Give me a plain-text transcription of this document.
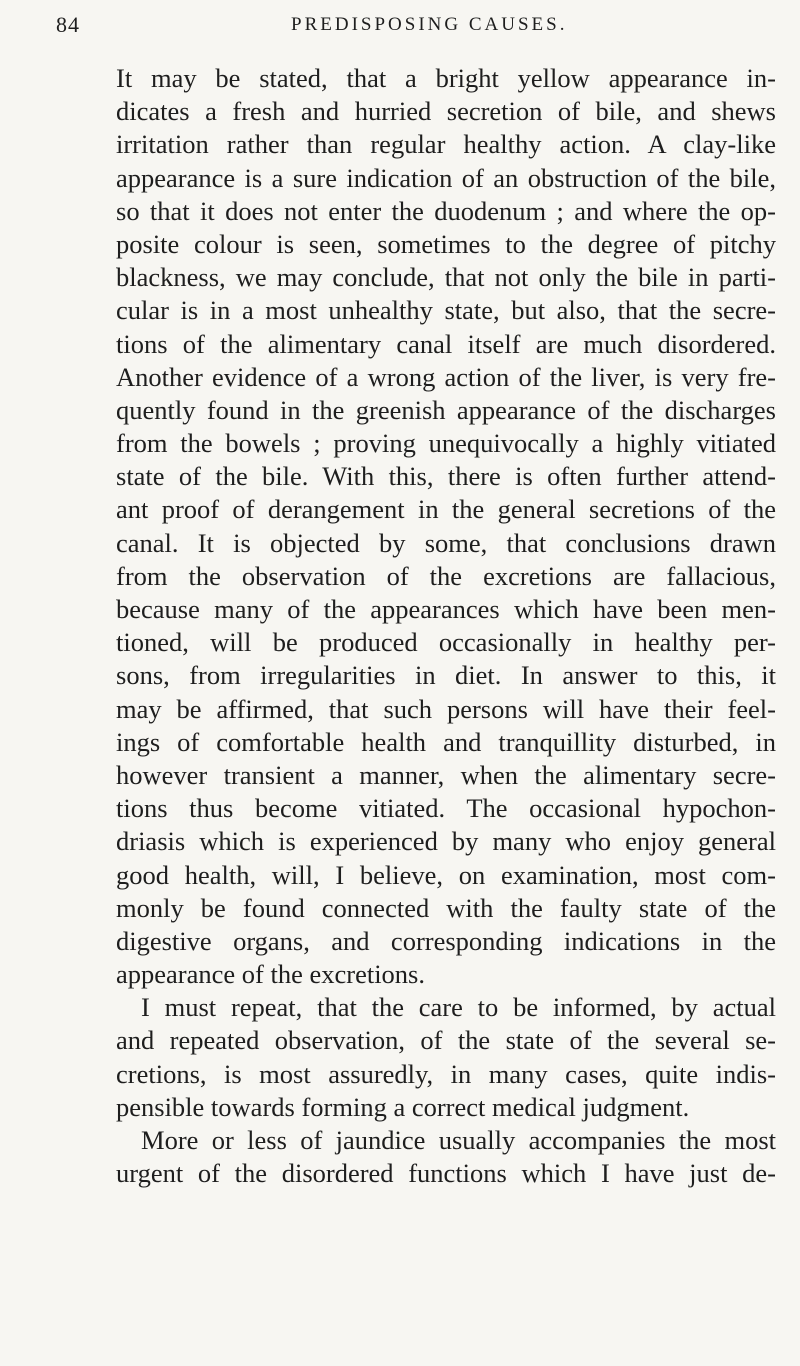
84	PREDISPOSING CAUSES.
It may be stated, that a bright yellow appearance in-
dicates a fresh and hurried secretion of bile, and shews
irritation rather than regular healthy action. A clay-like
appearance is a sure indication of an obstruction of the bile,
so that it does not enter the duodenum ; and where the op-
posite colour is seen, sometimes to the degree of pitchy
blackness, we may conclude, that not only the bile in parti-
cular is in a most unhealthy state, but also, that the secre-
tions of the alimentary canal itself are much disordered.
Another evidence of a wrong action of the liver, is very fre-
quently found in the greenish appearance of the discharges
from the bowels ; proving unequivocally a highly vitiated
state of the bile. With this, there is often further attend-
ant proof of derangement in the general secretions of the
canal. It is objected by some, that conclusions drawn
from the observation of the excretions are fallacious,
because many of the appearances which have been men-
tioned, will be produced occasionally in healthy per-
sons, from irregularities in diet. In answer to this, it
may be affirmed, that such persons will have their feel-
ings of comfortable health and tranquillity disturbed, in
however transient a manner, when the alimentary secre-
tions thus become vitiated. The occasional hypochon-
driasis which is experienced by many who enjoy general
good health, will, I believe, on examination, most com-
monly be found connected with the faulty state of the
digestive organs, and corresponding indications in the
appearance of the excretions.
I must repeat, that the care to be informed, by actual
and repeated observation, of the state of the several se-
cretions, is most assuredly, in many cases, quite indis-
pensible towards forming a correct medical judgment.
More or less of jaundice usually accompanies the most
urgent of the disordered functions which I have just de-
